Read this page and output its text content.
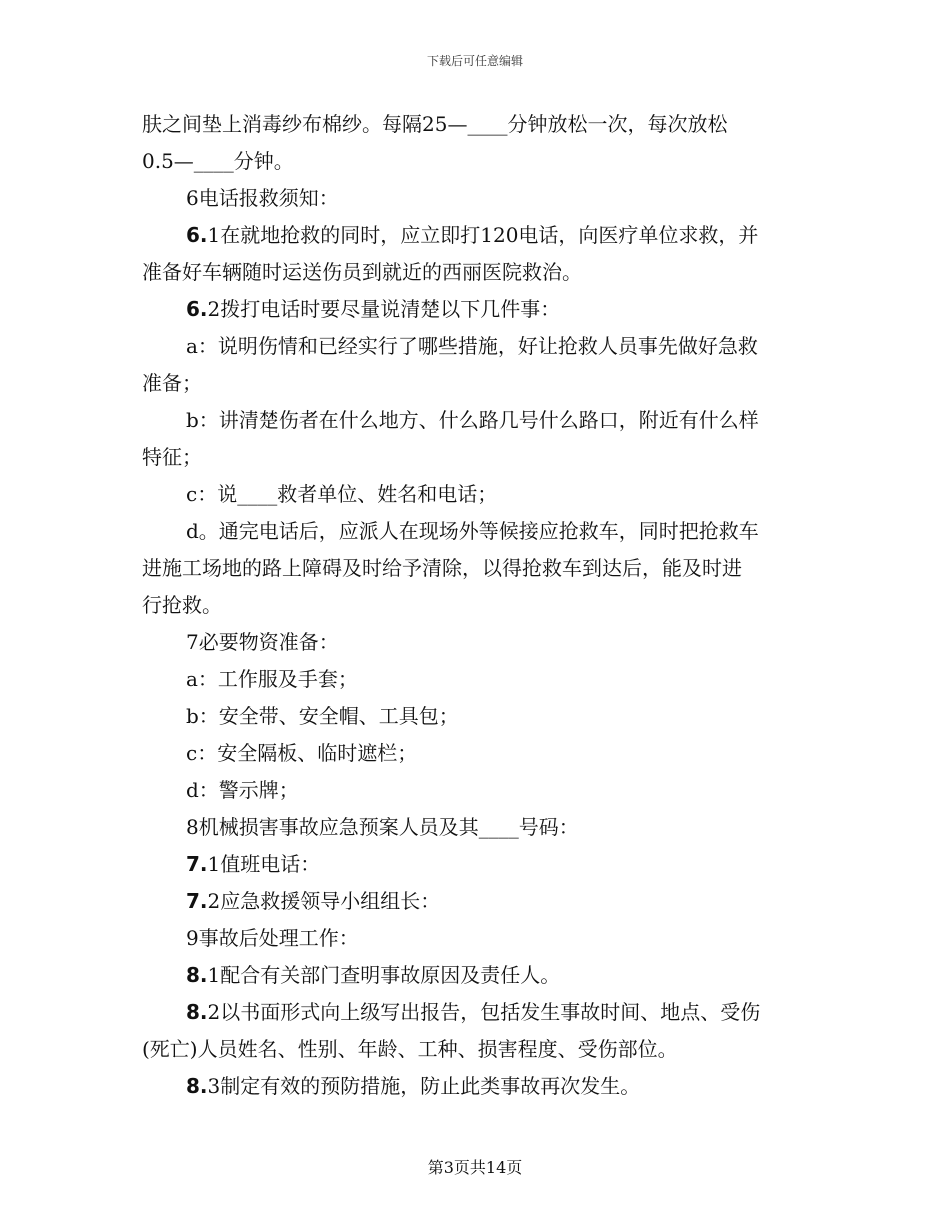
下载后可任意编辑
肤之间垫上消毒纱布棉纱。每隔25—____分钟放松一次，每次放松
0.5—____分钟。
6电话报救须知：
6.1在就地抢救的同时，应立即打120电话，向医疗单位求救，并
准备好车辆随时运送伤员到就近的西丽医院救治。
6.2拨打电话时要尽量说清楚以下几件事：
a：说明伤情和已经实行了哪些措施，好让抢救人员事先做好急救
准备；
b：讲清楚伤者在什么地方、什么路几号什么路口，附近有什么样
特征；
c：说____救者单位、姓名和电话；
d。通完电话后，应派人在现场外等候接应抢救车，同时把抢救车
进施工场地的路上障碍及时给予清除，以得抢救车到达后，能及时进
行抢救。
7必要物资准备：
a：工作服及手套；
b：安全带、安全帽、工具包；
c：安全隔板、临时遮栏；
d：警示牌；
8机械损害事故应急预案人员及其____号码：
7.1值班电话：
7.2应急救援领导小组组长：
9事故后处理工作：
8.1配合有关部门查明事故原因及责任人。
8.2以书面形式向上级写出报告，包括发生事故时间、地点、受伤
(死亡)人员姓名、性别、年龄、工种、损害程度、受伤部位。
8.3制定有效的预防措施，防止此类事故再次发生。
第3页共14页
